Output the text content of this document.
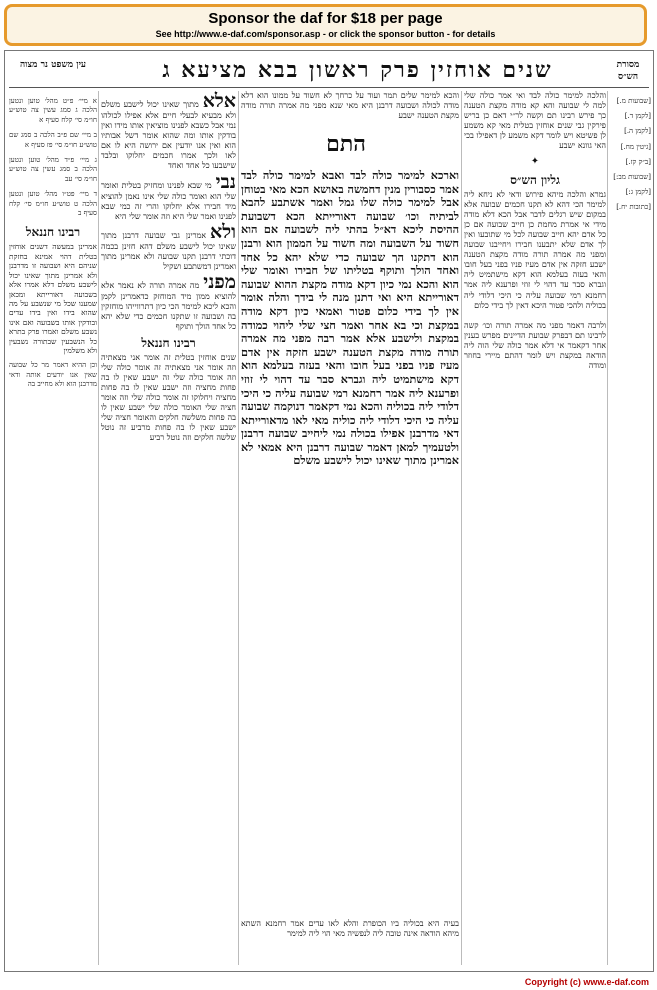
Sponsor the daf for $18 per page
See http://www.e-daf.com/sponsor.asp - or click the sponsor button - for details
עין משפט נר מצוה	שנים אוחזין פרק ראשון בבא מציעא ג	מסורת הש״ס
א מיי׳ פ״ט מהל׳ טוען ונטען הלכה ג סמג עשין צה טוש״ע חו״מ סי׳ קלח סעיף א
ב מיי׳ שם פ״ב הלכה ב סמג שם טוש״ע חו״מ סי׳ פז סעיף א
ג מיי׳ פ״ד מהל׳ טוען ונטען הלכה ב סמג עשין צה טוש״ע חו״מ סי׳ עב
ד מיי׳ פט״ו מהל׳ טוען ונטען הלכה ט טוש״ע חו״מ סי׳ קלח סעיף ב
רבינו חננאל
אמרינן במעשה דשנים אוחזין בטלית דהוי אמינא בחזקת שניהם היא ושבועה זו מדרבנן ולא אמרינן מתוך שאינו יכול לישבע משלם דלא אמרו אלא בשבועה דאורייתא ומכאן שמענו שכל מי שנשבע על מה שהוא בידו ואין בידו עדים ובודקין אותו בשבועה ואם אינו נשבע משלם ואמרו פרק בתרא כל הנשבעין שבתורה נשבעין ולא משלמין
וכן ההיא דאמר מר כל שבועה שאין אנו יודעים אותה ודאי מדרבנן הוא ולא מחייב בה
אלאמתוך שאינו יכול לישבע משלם ולא מבעיא לבעלי חיים אלא אפילו לכולהו נמי אבל כשבא לפנינו מוציאין אותו מידו ואין בודקין אותו ומה שהוא אומר דשל אבותיו הוא ואין אנו יודעין אם ירושה היא לו אם לאו ולכך אמרו חכמים יחלוקו ובלבד שישבעו כל אחד ואחד
נבימי שבא לפנינו ומחזיק בטלית ואומר שלי הוא ואומר כולה שלי אינו נאמן להוציא מיד חבירו אלא יחלוקו והרי זה כמי שבא לפנינו ואמר שלי היא וזה אומר שלי היא
ולאאמרינן גבי שבועה דרבנן מתוך שאינו יכול לישבע משלם דהא חזינן בכמה דוכתי דרבנן תקנו שבועה ולא אמרינן מתוך ואמרינן דמשתבע ושקיל
מפנימה אמרה תורה לא נאמר אלא להוציא ממון מיד המוחזק כדאמרינן לקמן והכא ליכא למימר הכי כיון דתרווייהו מוחזקין בה ושבועה זו שתקנו חכמים כדי שלא יהא כל אחד הולך ותוקף
רבינו חננאל
שנים אוחזין בטלית זה אומר אני מצאתיה וזה אומר אני מצאתיה זה אומר כולה שלי וזה אומר כולה שלי זה ישבע שאין לו בה פחות מחציה וזה ישבע שאין לו בה פחות מחציה ויחלוקו זה אומר כולה שלי וזה אומר חציה שלי האומר כולה שלי ישבע שאין לו בה פחות משלשה חלקים והאומר חציה שלי ישבע שאין לו בה פחות מרביע זה נוטל שלשה חלקים וזה נוטל רביע
והכא למימר שלים תמר ועוד על כרחך לא חשוד על ממונו הוא דלא מודה לכולה ושבועה דרבנן היא מאי שנא מפני מה אמרה תורה מודה מקצת הטענה ישבע
התם
וארכא למימר כולה לבד ואבא למימר כולה לבד אמר כסבורין מנין דחמשה באושא הכא מאי בטוחן אבל למימר כולה שלו גמל ואמר אשתבע להבא לביתיה וכו׳ שבועה דאורייתא הכא דשבועת ההיסת ליכא דא״ל בהתי ליה לשבועה אם הוא חשוד על השבועה ומה חשוד על הממון הוא ורבנן הוא דתקנו הך שבועה כדי שלא יהא כל אחד ואחד הולך ותוקף בטליתו של חבירו ואומר שלי הוא והכא נמי כיון דקא מודה מקצת ההוא שבועה דאורייתא היא ואי דתנן מנה לי בידך והלה אומר אין לך בידי כלום פטור ואמאי כיון דקא מודה במקצת וכי בא אחר ואמר חצי שלי ליהוי כמודה במקצת ולישבע אלא אמר רבה מפני מה אמרה תורה מודה מקצת הטענה ישבע חזקה אין אדם מעיז פניו בפני בעל חובו והאי בעזה בעלמא הוא דקא מישתמיט ליה וגברא סבר עד דהוי לי זוזי ופרענא ליה אמר רחמנא רמי שבועה עליה כי היכי דלודי ליה בכוליה והכא נמי דקאמר דנוקמה שבועה עליה כי היכי דלודי ליה כוליה מאי לאו מדאורייתא דאי מדרבנן אפילו בכולה נמי ליחייב שבועה דרבנן ולטעמיך למאן דאמר שבועה דרבנן היא אמאי לא אמרינן מתוך שאינו יכול לישבע משלם
בעיה היא בכוליה ביו הכופרת והלא לאו עדים אמר רחמנא השתא מיהא הודאה אינה טובה ליה לנפשיה מאי הוי ליה למימר
והלכה למימר כולה לבד ואי אמר כולה שלי למה לי שבועה והא קא מודה מקצת הטענה כך פירש רבינו תם וקשה לר״י דאם כן בריש פירקין גבי שנים אוחזין בטלית מאי קא משמע לן פשיטא ויש לומר דקא משמע לן דאפילו בכי האי גוונא ישבע
✦
גליון הש״ס
גמרא והלכה מיהא פירוש ודאי לא ניחא ליה למימר הכי דהא לא תקנו חכמים שבועה אלא במקום שיש רגלים לדבר אבל הכא דלא מודה מידי אי אמרת מחמת כן חייב שבועה אם כן כל אדם יהא חייב שבועה לכל מי שתובעו ואין לך אדם שלא יתבענו חבירו ויחייבנו שבועה ומפני מה אמרה תורה מודה מקצת הטענה ישבע חזקה אין אדם מעיז פניו בפני בעל חובו והאי בעזה בעלמא הוא דקא מישתמיט ליה וגברא סבר עד דהוי לי זוזי ופרענא ליה אמר רחמנא רמי שבועה עליה כי היכי דלודי ליה בכוליה ולהכי פטור היכא דאין לך בידי כלום

ולרבה דאמר מפני מה אמרה תורה וכו׳ קשה לרבינו תם דבפרק שבועת הדיינים מפרש בענין אחר דקאמר אי דלא אמר כולה שלי הוה ליה הודאה במקצת ויש לומר דהתם מיירי בחוזר ומודה
[שבועות מ.]
[לקמן ד.]
[לקמן ה.]
[גיטין מח.]
[ב״ק קז.]
[שבועות מב:]
[לקמן ג:]
[כתובות יח.]
Copyright (c) www.e-daf.com
